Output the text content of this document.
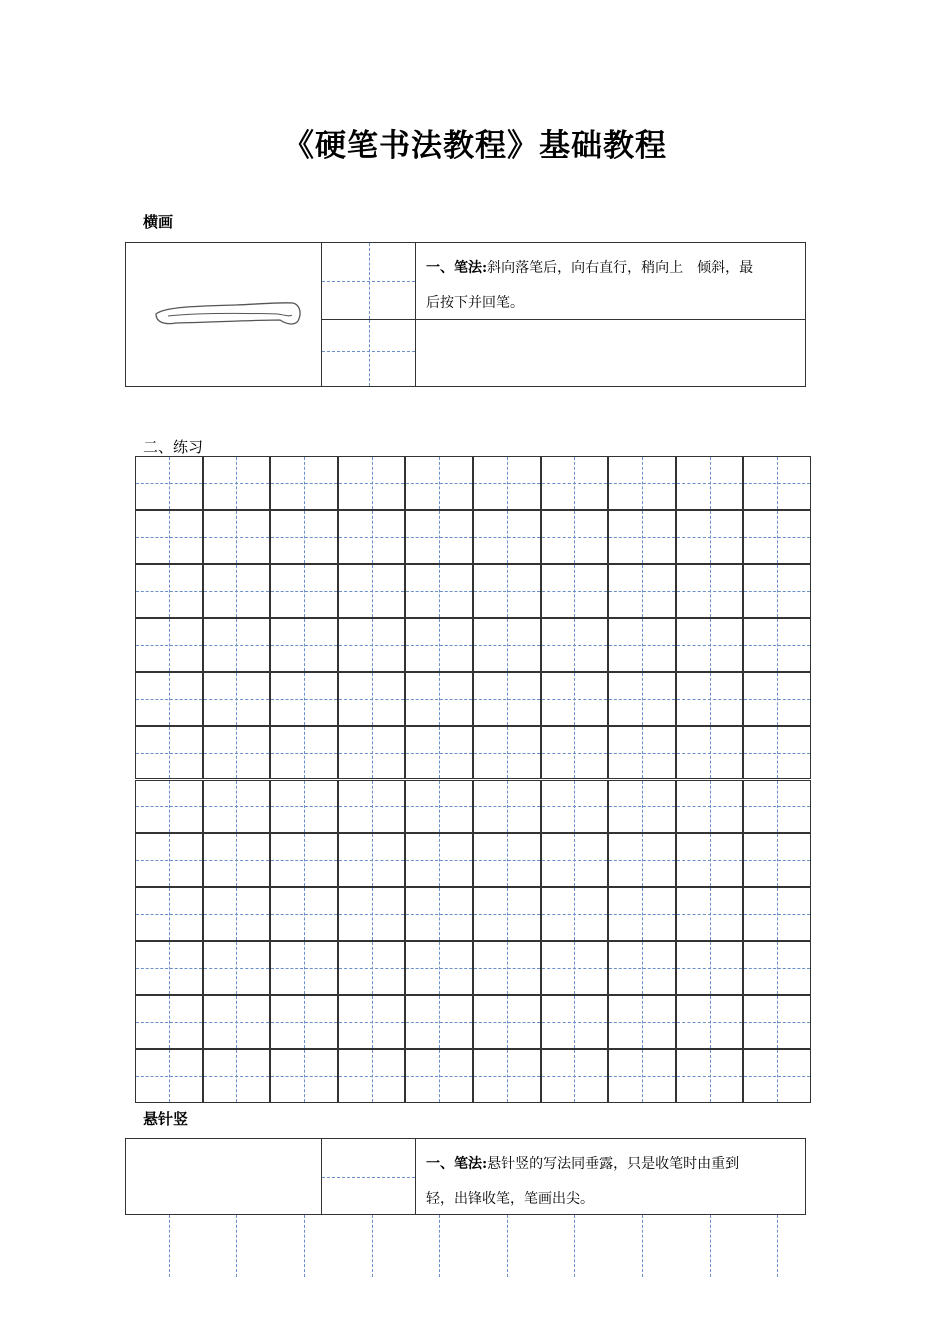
《硬笔书法教程》基础教程
横画
一、笔法:斜向落笔后，向右直行，稍向上　倾斜，最
后按下并回笔。
二、练习
悬针竖
一、笔法:悬针竖的写法同垂露，只是收笔时由重到
轻，出锋收笔，笔画出尖。
